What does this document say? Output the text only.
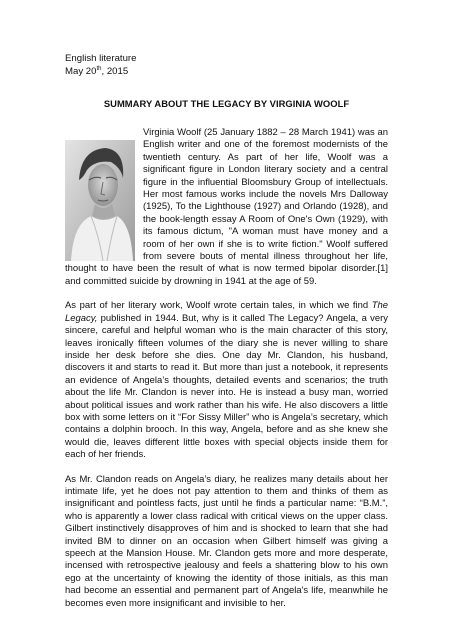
English literature
May 20th, 2015
SUMMARY ABOUT THE LEGACY BY VIRGINIA WOOLF

Virginia Woolf (25 January 1882 – 28 March 1941) was an English writer and one of the foremost modernists of the twentieth century. As part of her life, Woolf was a significant figure in London literary society and a central figure in the influential Bloomsbury Group of intellectuals. Her most famous works include the novels Mrs Dalloway (1925), To the Lighthouse (1927) and Orlando (1928), and the book-length essay A Room of One's Own (1929), with its famous dictum, "A woman must have money and a room of her own if she is to write fiction." Woolf suffered from severe bouts of mental illness throughout her life, thought to have been the result of what is now termed bipolar disorder.[1] and committed suicide by drowning in 1941 at the age of 59.

As part of her literary work, Woolf wrote certain tales, in which we find The Legacy, published in 1944. But, why is it called The Legacy? Angela, a very sincere, careful and helpful woman who is the main character of this story, leaves ironically fifteen volumes of the diary she is never willing to share inside her desk before she dies. One day Mr. Clandon, his husband, discovers it and starts to read it. But more than just a notebook, it represents an evidence of Angela’s thoughts, detailed events and scenarios; the truth about the life Mr. Clandon is never into. He is instead a busy man, worried about political issues and work rather than his wife. He also discovers a little box with some letters on it “For Sissy Miller” who is Angela’s secretary, which contains a dolphin brooch. In this way, Angela, before and as she knew she would die, leaves different little boxes with special objects inside them for each of her friends.

As Mr. Clandon reads on Angela’s diary, he realizes many details about her intimate life, yet he does not pay attention to them and thinks of them as insignificant and pointless facts, just until he finds a particular name: “B.M.”, who is apparently a lower class radical with critical views on the upper class. Gilbert instinctively disapproves of him and is shocked to learn that she had invited BM to dinner on an occasion when Gilbert himself was giving a speech at the Mansion House. Mr. Clandon gets more and more desperate, incensed with retrospective jealousy and feels a shattering blow to his own ego at the uncertainty of knowing the identity of those initials, as this man had become an essential and permanent part of Angela's life, meanwhile he becomes even more insignificant and invisible to her.
